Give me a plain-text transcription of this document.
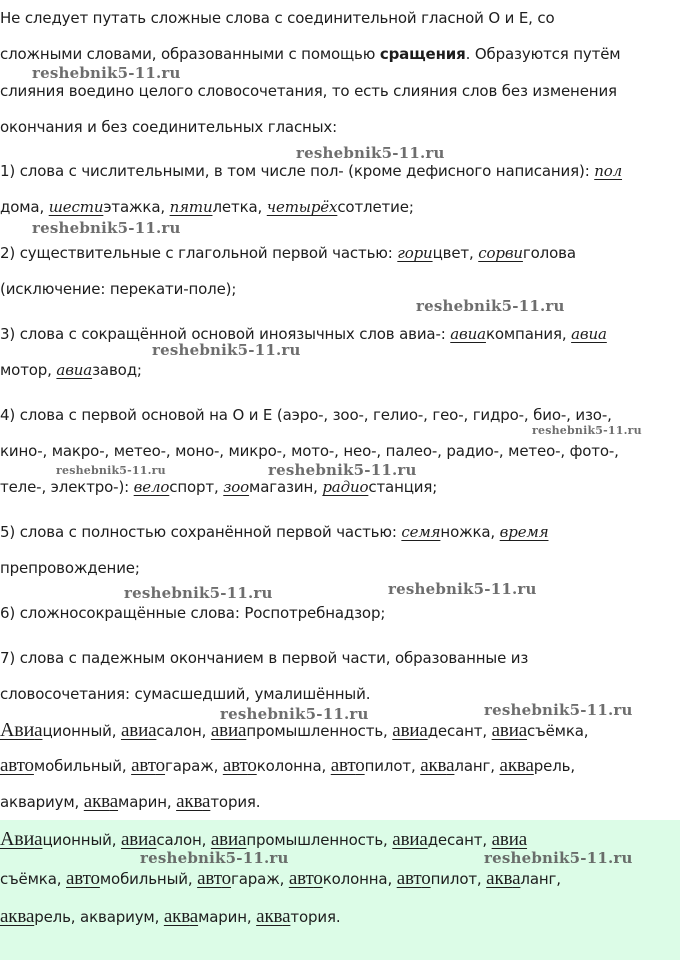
Не следует путать сложные слова с соединительной гласной О и Е, со
сложными словами, образованными с помощью сращения. Образуются путём
слияния воедино целого словосочетания, то есть слияния слов без изменения
окончания и без соединительных гласных:
1) слова с числительными, в том числе пол- (кроме дефисного написания): пол
дома, шестиэтажка, пятилетка, четырёхсотлетие;
2) существительные с глагольной первой частью: горицвет, сорвиголова
(исключение: перекати-поле);
3) слова с сокращённой основой иноязычных слов авиа-: авиакомпания, авиа
мотор, авиазавод;
4) слова с первой основой на О и Е (аэро-, зоо-, гелио-, гео-, гидро-, био-, изо-,
кино-, макро-, метео-, моно-, микро-, мото-, нео-, палео-, радио-, метео-, фото-,
теле-, электро-): велоспорт, зоомагазин, радиостанция;
5) слова с полностью сохранённой первой частью: семяножка, время
препровождение;
6) сложносокращённые слова: Роспотребнадзор;
7) слова с падежным окончанием в первой части, образованные из
словосочетания: сумасшедший, умалишённый.
Авиационный, авиасалон, авиапромышленность, авиадесант, авиасъёмка,
автомобильный, автогараж, автоколонна, автопилот, акваланг, акварель,
аквариум, аквамарин, акватория.
Авиационный, авиасалон, авиапромышленность, авиадесант, авиа
съёмка, автомобильный, автогараж, автоколонна, автопилот, акваланг,
акварель, аквариум, аквамарин, акватория.
reshebnik5-11.ru
reshebnik5-11.ru
reshebnik5-11.ru
reshebnik5-11.ru
reshebnik5-11.ru
reshebnik5-11.ru
reshebnik5-11.ru	reshebnik5-11.ru
reshebnik5-11.ru	reshebnik5-11.ru
reshebnik5-11.ru	reshebnik5-11.ru
reshebnik5-11.ru	reshebnik5-11.ru
